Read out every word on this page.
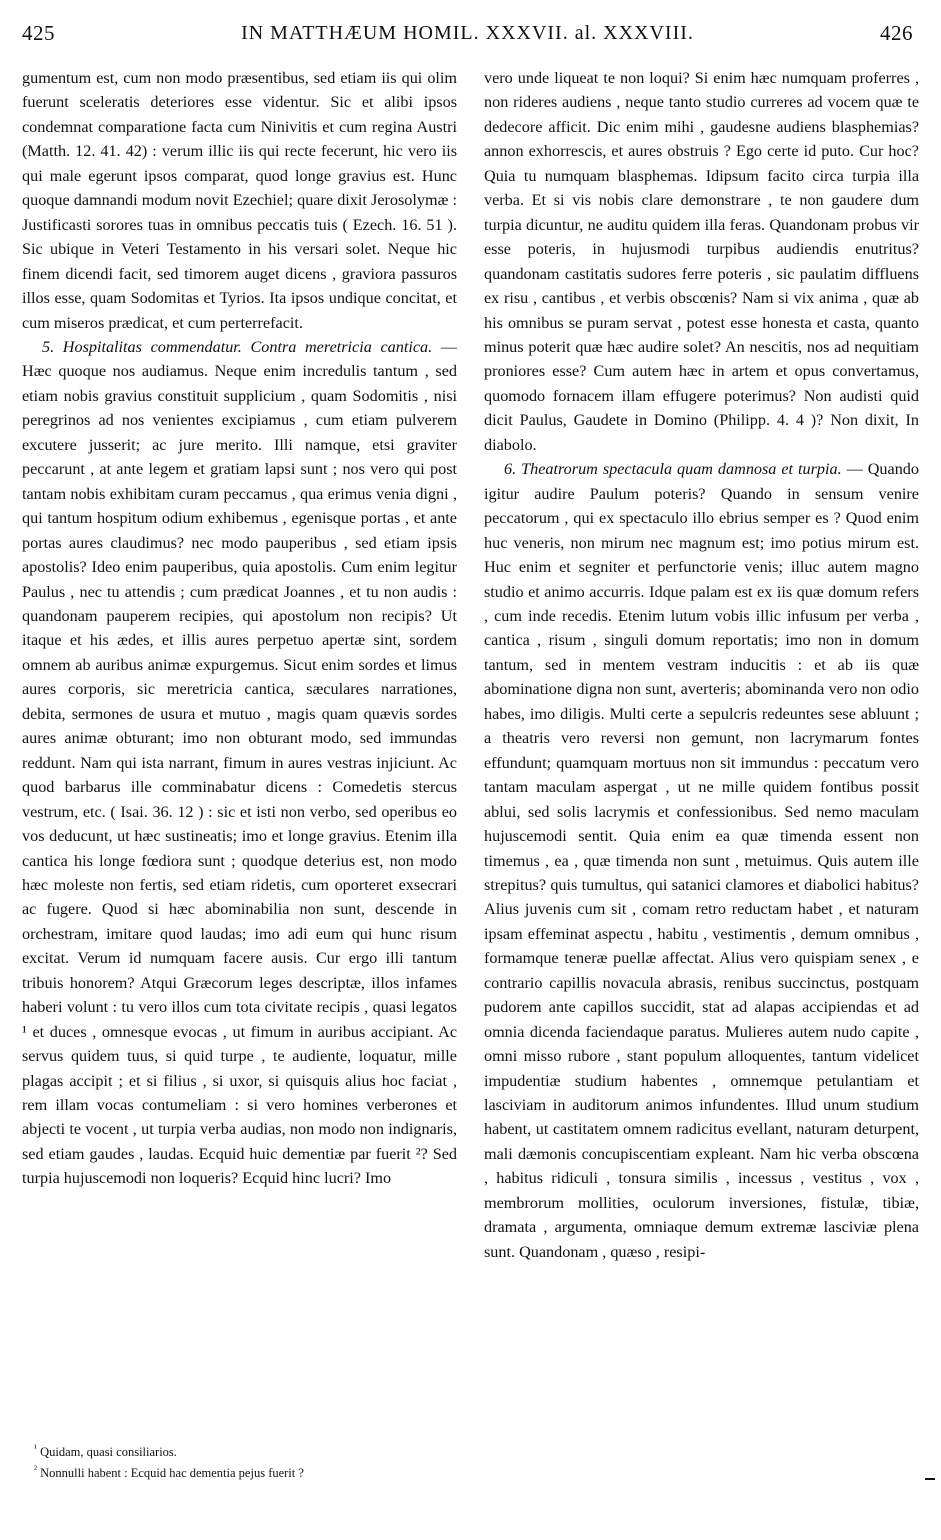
425	IN MATTHÆUM HOMIL. XXXVII. al. XXXVIII.	426

gumentum est, cum non modo præsentibus, sed etiam iis qui olim fuerunt sceleratis deteriores esse videntur. Sic et alibi ipsos condemnat comparatione facta cum Ninivitis et cum regina Austri (Matth. 12. 41. 42) : verum illic iis qui recte fecerunt, hic vero iis qui male egerunt ipsos comparat, quod longe gravius est. Hunc quoque damnandi modum novit Ezechiel; quare dixit Jerosolymæ : Justificasti sorores tuas in omnibus peccatis tuis ( Ezech. 16. 51 ). Sic ubique in Veteri Testamento in his versari solet. Neque hic finem dicendi facit, sed timorem auget dicens , graviora passuros illos esse, quam Sodomitas et Tyrios. Ita ipsos undique concitat, et cum miseros prædicat, et cum perterrefacit.

5. Hospitalitas commendatur. Contra meretricia cantica. — Hæc quoque nos audiamus. Neque enim incredulis tantum , sed etiam nobis gravius constituit supplicium , quam Sodomitis , nisi peregrinos ad nos venientes excipiamus , cum etiam pulverem excutere jusserit; ac jure merito. Illi namque, etsi graviter peccarunt , at ante legem et gratiam lapsi sunt ; nos vero qui post tantam nobis exhibitam curam peccamus , qua erimus venia digni , qui tantum hospitum odium exhibemus , egenisque portas , et ante portas aures claudimus? nec modo pauperibus , sed etiam ipsis apostolis? Ideo enim pauperibus, quia apostolis. Cum enim legitur Paulus , nec tu attendis ; cum prædicat Joannes , et tu non audis : quandonam pauperem recipies, qui apostolum non recipis? Ut itaque et his ædes, et illis aures perpetuo apertæ sint, sordem omnem ab auribus animæ expurgemus. Sicut enim sordes et limus aures corporis, sic meretricia cantica, sæculares narrationes, debita, sermones de usura et mutuo , magis quam quævis sordes aures animæ obturant; imo non obturant modo, sed immundas reddunt. Nam qui ista narrant, fimum in aures vestras injiciunt. Ac quod barbarus ille comminabatur dicens : Comedetis stercus vestrum, etc. ( Isai. 36. 12 ) : sic et isti non verbo, sed operibus eo vos deducunt, ut hæc sustineatis; imo et longe gravius. Etenim illa cantica his longe fœdiora sunt ; quodque deterius est, non modo hæc moleste non fertis, sed etiam ridetis, cum oporteret exsecrari ac fugere. Quod si hæc abominabilia non sunt, descende in orchestram, imitare quod laudas; imo adi eum qui hunc risum excitat. Verum id numquam facere ausis. Cur ergo illi tantum tribuis honorem? Atqui Græcorum leges descriptæ, illos infames haberi volunt : tu vero illos cum tota civitate recipis , quasi legatos ¹ et duces , omnesque evocas , ut fimum in auribus accipiant. Ac servus quidem tuus, si quid turpe , te audiente, loquatur, mille plagas accipit ; et si filius , si uxor, si quisquis alius hoc faciat , rem illam vocas contumeliam : si vero homines verberones et abjecti te vocent , ut turpia verba audias, non modo non indignaris, sed etiam gaudes , laudas. Ecquid huic dementiæ par fuerit ²? Sed turpia hujuscemodi non loqueris? Ecquid hinc lucri? Imo

vero unde liqueat te non loqui? Si enim hæc numquam proferres , non rideres audiens , neque tanto studio curreres ad vocem quæ te dedecore afficit. Dic enim mihi , gaudesne audiens blasphemias? annon exhorrescis, et aures obstruis ? Ego certe id puto. Cur hoc? Quia tu numquam blasphemas. Idipsum facito circa turpia illa verba. Et si vis nobis clare demonstrare , te non gaudere dum turpia dicuntur, ne auditu quidem illa feras. Quandonam probus vir esse poteris, in hujusmodi turpibus audiendis enutritus? quandonam castitatis sudores ferre poteris , sic paulatim diffluens ex risu , cantibus , et verbis obscœnis? Nam si vix anima , quæ ab his omnibus se puram servat , potest esse honesta et casta, quanto minus poterit quæ hæc audire solet? An nescitis, nos ad nequitiam proniores esse? Cum autem hæc in artem et opus convertamus, quomodo fornacem illam effugere poterimus? Non audisti quid dicit Paulus, Gaudete in Domino (Philipp. 4. 4 )? Non dixit, In diabolo.

6. Theatrorum spectacula quam damnosa et turpia. — Quando igitur audire Paulum poteris? Quando in sensum venire peccatorum , qui ex spectaculo illo ebrius semper es ? Quod enim huc veneris, non mirum nec magnum est; imo potius mirum est. Huc enim et segniter et perfunctorie venis; illuc autem magno studio et animo accurris. Idque palam est ex iis quæ domum refers , cum inde recedis. Etenim lutum vobis illic infusum per verba , cantica , risum , singuli domum reportatis; imo non in domum tantum, sed in mentem vestram inducitis : et ab iis quæ abominatione digna non sunt, averteris; abominanda vero non odio habes, imo diligis. Multi certe a sepulcris redeuntes sese abluunt ; a theatris vero reversi non gemunt, non lacrymarum fontes effundunt; quamquam mortuus non sit immundus : peccatum vero tantam maculam aspergat , ut ne mille quidem fontibus possit ablui, sed solis lacrymis et confessionibus. Sed nemo maculam hujuscemodi sentit. Quia enim ea quæ timenda essent non timemus , ea , quæ timenda non sunt , metuimus. Quis autem ille strepitus? quis tumultus, qui satanici clamores et diabolici habitus? Alius juvenis cum sit , comam retro reductam habet , et naturam ipsam effeminat aspectu , habitu , vestimentis , demum omnibus , formamque teneræ puellæ affectat. Alius vero quispiam senex , e contrario capillis novacula abrasis, renibus succinctus, postquam pudorem ante capillos succidit, stat ad alapas accipiendas et ad omnia dicenda faciendaque paratus. Mulieres autem nudo capite , omni misso rubore , stant populum alloquentes, tantum videlicet impudentiæ studium habentes , omnemque petulantiam et lasciviam in auditorum animos infundentes. Illud unum studium habent, ut castitatem omnem radicitus evellant, naturam deturpent, mali dæmonis concupiscentiam expleant. Nam hic verba obscœna , habitus ridiculi , tonsura similis , incessus , vestitus , vox , membrorum mollities, oculorum inversiones, fistulæ, tibiæ, dramata , argumenta, omniaque demum extremæ lasciviæ plena sunt. Quandonam , quæso , resipi-

$^{^1}$ Quidam, quasi consiliarios.

$^{^2}$ Nonnulli habent : Ecquid hac dementia pejus fuerit ?
